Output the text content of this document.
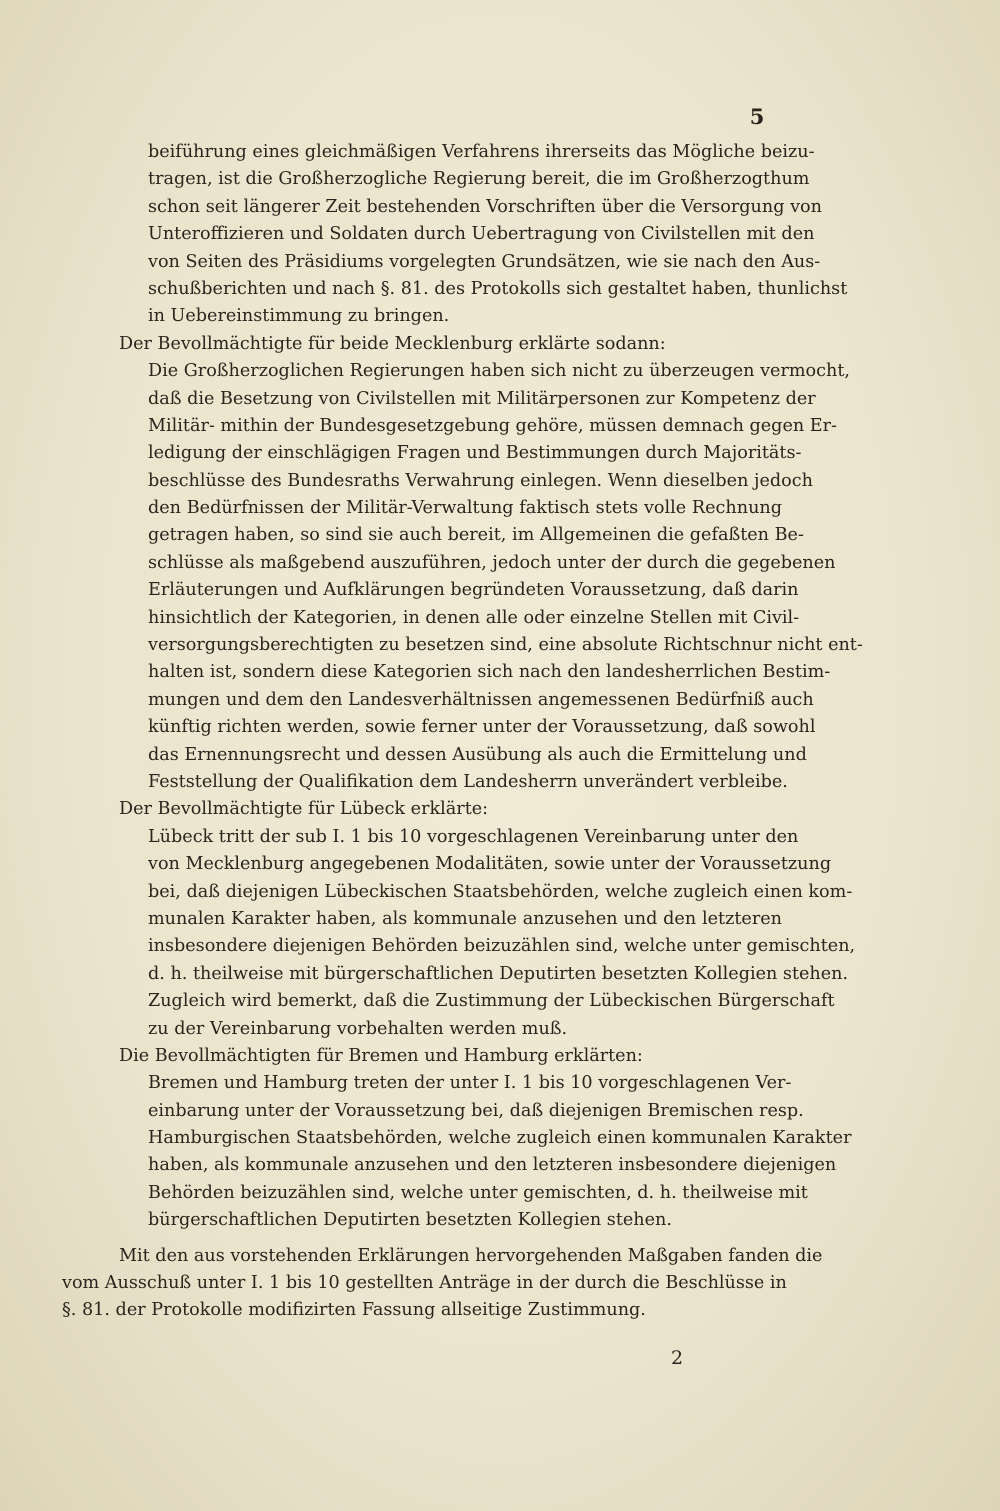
5
beiführung eines gleichmäßigen Verfahrens ihrerseits das Mögliche beizu-
tragen, ist die Großherzogliche Regierung bereit, die im Großherzogthum
schon seit längerer Zeit bestehenden Vorschriften über die Versorgung von
Unteroffizieren und Soldaten durch Uebertragung von Civilstellen mit den
von Seiten des Präsidiums vorgelegten Grundsätzen, wie sie nach den Aus-
schußberichten und nach §. 81. des Protokolls sich gestaltet haben, thunlichst
in Uebereinstimmung zu bringen.
Der Bevollmächtigte für beide Mecklenburg erklärte sodann:
Die Großherzoglichen Regierungen haben sich nicht zu überzeugen vermocht,
daß die Besetzung von Civilstellen mit Militärpersonen zur Kompetenz der
Militär- mithin der Bundesgesetzgebung gehöre, müssen demnach gegen Er-
ledigung der einschlägigen Fragen und Bestimmungen durch Majoritäts-
beschlüsse des Bundesraths Verwahrung einlegen. Wenn dieselben jedoch
den Bedürfnissen der Militär-Verwaltung faktisch stets volle Rechnung
getragen haben, so sind sie auch bereit, im Allgemeinen die gefaßten Be-
schlüsse als maßgebend auszuführen, jedoch unter der durch die gegebenen
Erläuterungen und Aufklärungen begründeten Voraussetzung, daß darin
hinsichtlich der Kategorien, in denen alle oder einzelne Stellen mit Civil-
versorgungsberechtigten zu besetzen sind, eine absolute Richtschnur nicht ent-
halten ist, sondern diese Kategorien sich nach den landesherrlichen Bestim-
mungen und dem den Landesverhältnissen angemessenen Bedürfniß auch
künftig richten werden, sowie ferner unter der Voraussetzung, daß sowohl
das Ernennungsrecht und dessen Ausübung als auch die Ermittelung und
Feststellung der Qualifikation dem Landesherrn unverändert verbleibe.
Der Bevollmächtigte für Lübeck erklärte:
Lübeck tritt der sub I. 1 bis 10 vorgeschlagenen Vereinbarung unter den
von Mecklenburg angegebenen Modalitäten, sowie unter der Voraussetzung
bei, daß diejenigen Lübeckischen Staatsbehörden, welche zugleich einen kom-
munalen Karakter haben, als kommunale anzusehen und den letzteren
insbesondere diejenigen Behörden beizuzählen sind, welche unter gemischten,
d. h. theilweise mit bürgerschaftlichen Deputirten besetzten Kollegien stehen.
Zugleich wird bemerkt, daß die Zustimmung der Lübeckischen Bürgerschaft
zu der Vereinbarung vorbehalten werden muß.
Die Bevollmächtigten für Bremen und Hamburg erklärten:
Bremen und Hamburg treten der unter I. 1 bis 10 vorgeschlagenen Ver-
einbarung unter der Voraussetzung bei, daß diejenigen Bremischen resp.
Hamburgischen Staatsbehörden, welche zugleich einen kommunalen Karakter
haben, als kommunale anzusehen und den letzteren insbesondere diejenigen
Behörden beizuzählen sind, welche unter gemischten, d. h. theilweise mit
bürgerschaftlichen Deputirten besetzten Kollegien stehen.
Mit den aus vorstehenden Erklärungen hervorgehenden Maßgaben fanden die
vom Ausschuß unter I. 1 bis 10 gestellten Anträge in der durch die Beschlüsse in
§. 81. der Protokolle modifizirten Fassung allseitige Zustimmung.
2
